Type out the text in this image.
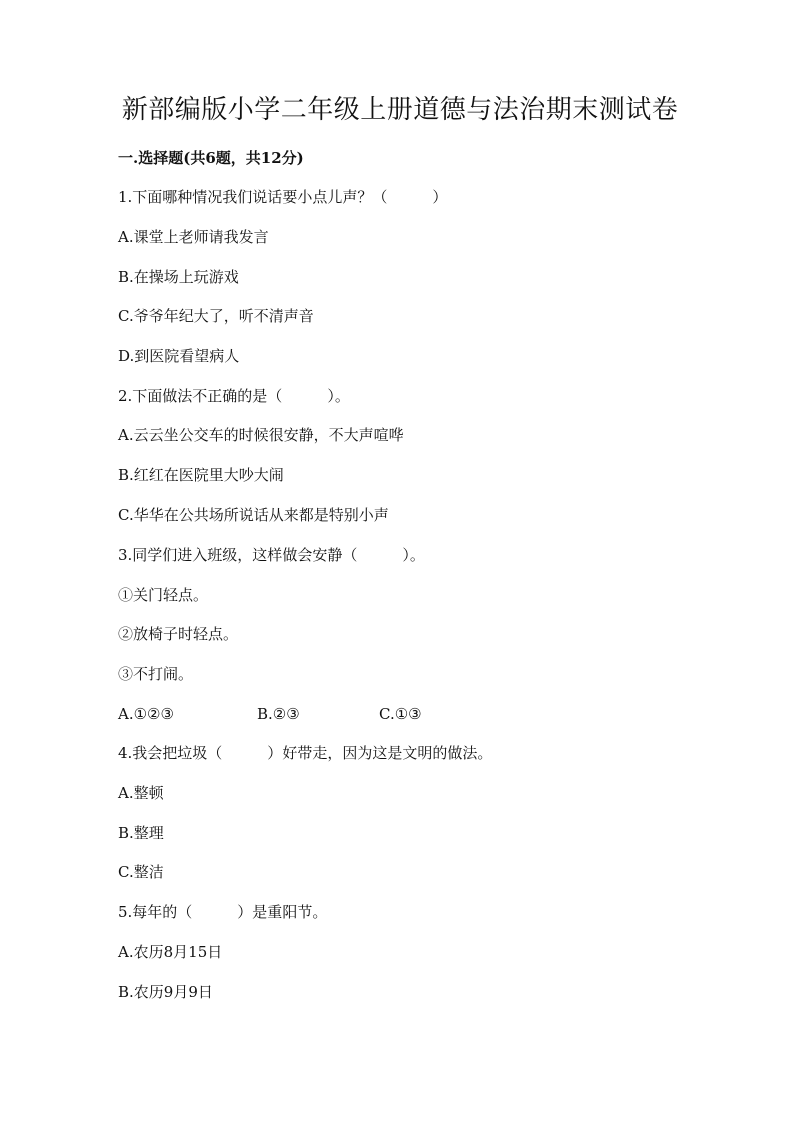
新部编版小学二年级上册道德与法治期末测试卷
一.选择题(共6题，共12分)
1.下面哪种情况我们说话要小点儿声？（　　　）
A.课堂上老师请我发言
B.在操场上玩游戏
C.爷爷年纪大了，听不清声音
D.到医院看望病人
2.下面做法不正确的是（　　　）。
A.云云坐公交车的时候很安静，不大声喧哗
B.红红在医院里大吵大闹
C.华华在公共场所说话从来都是特别小声
3.同学们进入班级，这样做会安静（　　　）。
①关门轻点。
②放椅子时轻点。
③不打闹。
A.①②③	B.②③	C.①③
4.我会把垃圾（　　　）好带走，因为这是文明的做法。
A.整顿
B.整理
C.整洁
5.每年的（　　　）是重阳节。
A.农历8月15日
B.农历9月9日
